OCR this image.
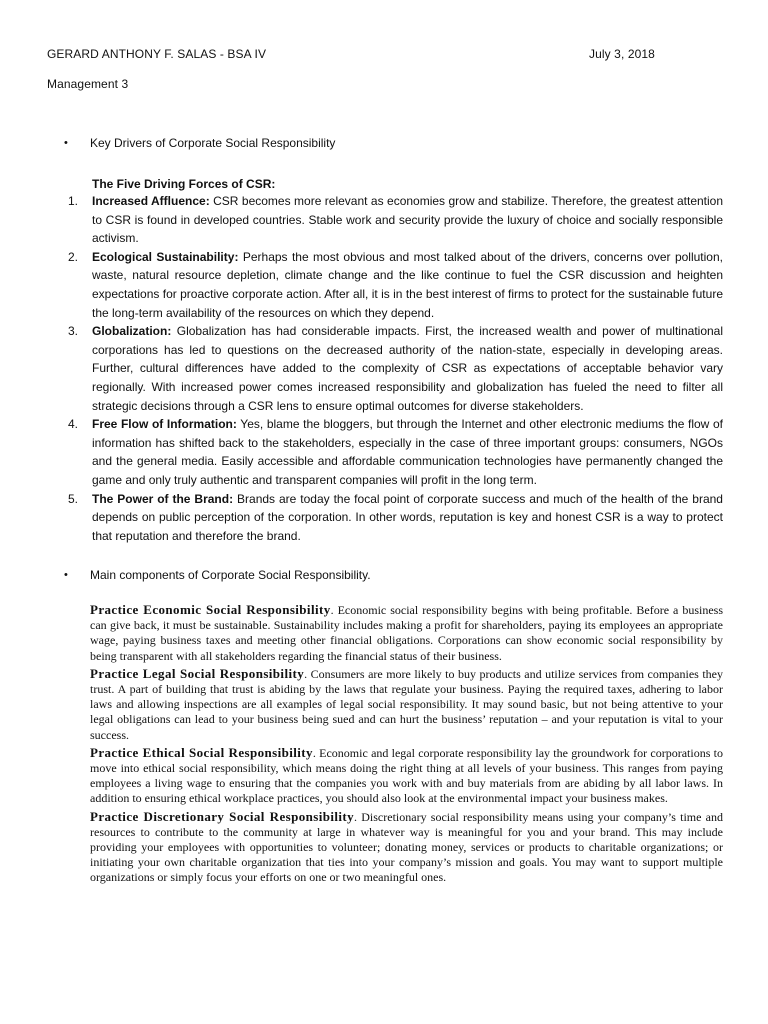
GERARD ANTHONY F. SALAS - BSA IV	July 3, 2018
Management 3
•	Key Drivers of Corporate Social Responsibility
The Five Driving Forces of CSR:
1.	Increased Affluence: CSR becomes more relevant as economies grow and stabilize. Therefore, the greatest attention to CSR is found in developed countries. Stable work and security provide the luxury of choice and socially responsible activism.
2.	Ecological Sustainability: Perhaps the most obvious and most talked about of the drivers, concerns over pollution, waste, natural resource depletion, climate change and the like continue to fuel the CSR discussion and heighten expectations for proactive corporate action. After all, it is in the best interest of firms to protect for the sustainable future the long-term availability of the resources on which they depend.
3.	Globalization: Globalization has had considerable impacts. First, the increased wealth and power of multinational corporations has led to questions on the decreased authority of the nation-state, especially in developing areas. Further, cultural differences have added to the complexity of CSR as expectations of acceptable behavior vary regionally. With increased power comes increased responsibility and globalization has fueled the need to filter all strategic decisions through a CSR lens to ensure optimal outcomes for diverse stakeholders.
4.	Free Flow of Information: Yes, blame the bloggers, but through the Internet and other electronic mediums the flow of information has shifted back to the stakeholders, especially in the case of three important groups: consumers, NGOs and the general media. Easily accessible and affordable communication technologies have permanently changed the game and only truly authentic and transparent companies will profit in the long term.
5.	The Power of the Brand: Brands are today the focal point of corporate success and much of the health of the brand depends on public perception of the corporation. In other words, reputation is key and honest CSR is a way to protect that reputation and therefore the brand.
•	Main components of Corporate Social Responsibility.

Practice Economic Social Responsibility. Economic social responsibility begins with being profitable. Before a business can give back, it must be sustainable. Sustainability includes making a profit for shareholders, paying its employees an appropriate wage, paying business taxes and meeting other financial obligations. Corporations can show economic social responsibility by being transparent with all stakeholders regarding the financial status of their business.

Practice Legal Social Responsibility. Consumers are more likely to buy products and utilize services from companies they trust. A part of building that trust is abiding by the laws that regulate your business. Paying the required taxes, adhering to labor laws and allowing inspections are all examples of legal social responsibility. It may sound basic, but not being attentive to your legal obligations can lead to your business being sued and can hurt the business’ reputation – and your reputation is vital to your success.

Practice Ethical Social Responsibility. Economic and legal corporate responsibility lay the groundwork for corporations to move into ethical social responsibility, which means doing the right thing at all levels of your business. This ranges from paying employees a living wage to ensuring that the companies you work with and buy materials from are abiding by all labor laws. In addition to ensuring ethical workplace practices, you should also look at the environmental impact your business makes.

Practice Discretionary Social Responsibility. Discretionary social responsibility means using your company’s time and resources to contribute to the community at large in whatever way is meaningful for you and your brand. This may include providing your employees with opportunities to volunteer; donating money, services or products to charitable organizations; or initiating your own charitable organization that ties into your company’s mission and goals. You may want to support multiple organizations or simply focus your efforts on one or two meaningful ones.
